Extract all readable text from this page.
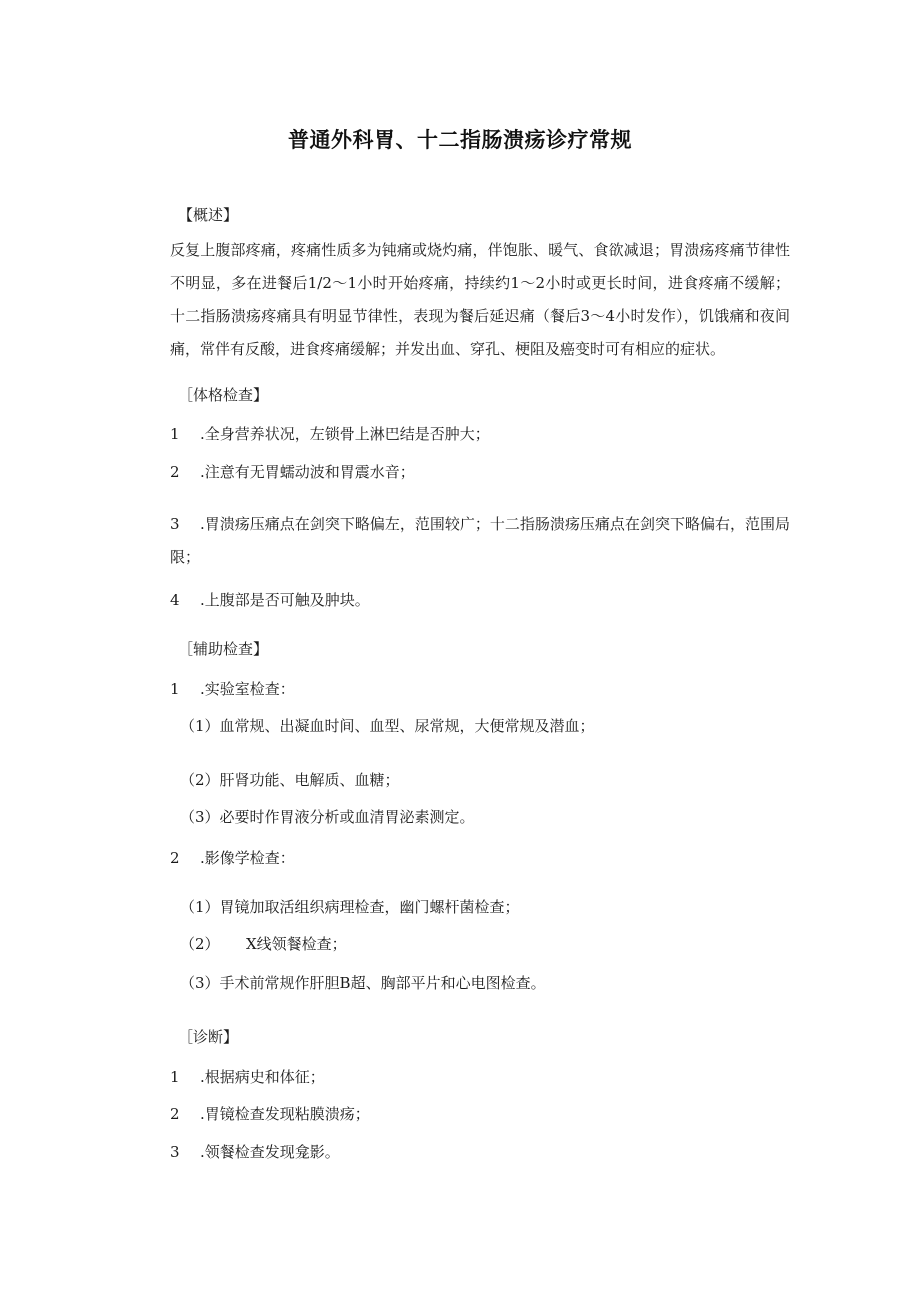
普通外科胃、十二指肠溃疡诊疗常规
【概述】
反复上腹部疼痛，疼痛性质多为钝痛或烧灼痛，伴饱胀、暖气、食欲减退；胃溃疡疼痛节律性不明显，多在进餐后1/2～1小时开始疼痛，持续约1～2小时或更长时间，进食疼痛不缓解；十二指肠溃疡疼痛具有明显节律性，表现为餐后延迟痛（餐后3～4小时发作），饥饿痛和夜间痛，常伴有反酸，进食疼痛缓解；并发出血、穿孔、梗阻及癌变时可有相应的症状。
［体格检查】
1 .全身营养状况，左锁骨上淋巴结是否肿大；
2 .注意有无胃蠕动波和胃震水音；
3 .胃溃疡压痛点在剑突下略偏左，范围较广；十二指肠溃疡压痛点在剑突下略偏右，范围局限；
4 .上腹部是否可触及肿块。
［辅助检查】
1 .实验室检查：
（1）血常规、出凝血时间、血型、尿常规，大便常规及潜血；
（2）肝肾功能、电解质、血糖；
（3）必要时作胃液分析或血清胃泌素测定。
2 .影像学检查：
（1）胃镜加取活组织病理检查，幽门螺杆菌检查；
（2） X线领餐检查；
（3）手术前常规作肝胆B超、胸部平片和心电图检查。
［诊断】
1 .根据病史和体征；
2 .胃镜检查发现粘膜溃疡；
3 .领餐检查发现龛影。
